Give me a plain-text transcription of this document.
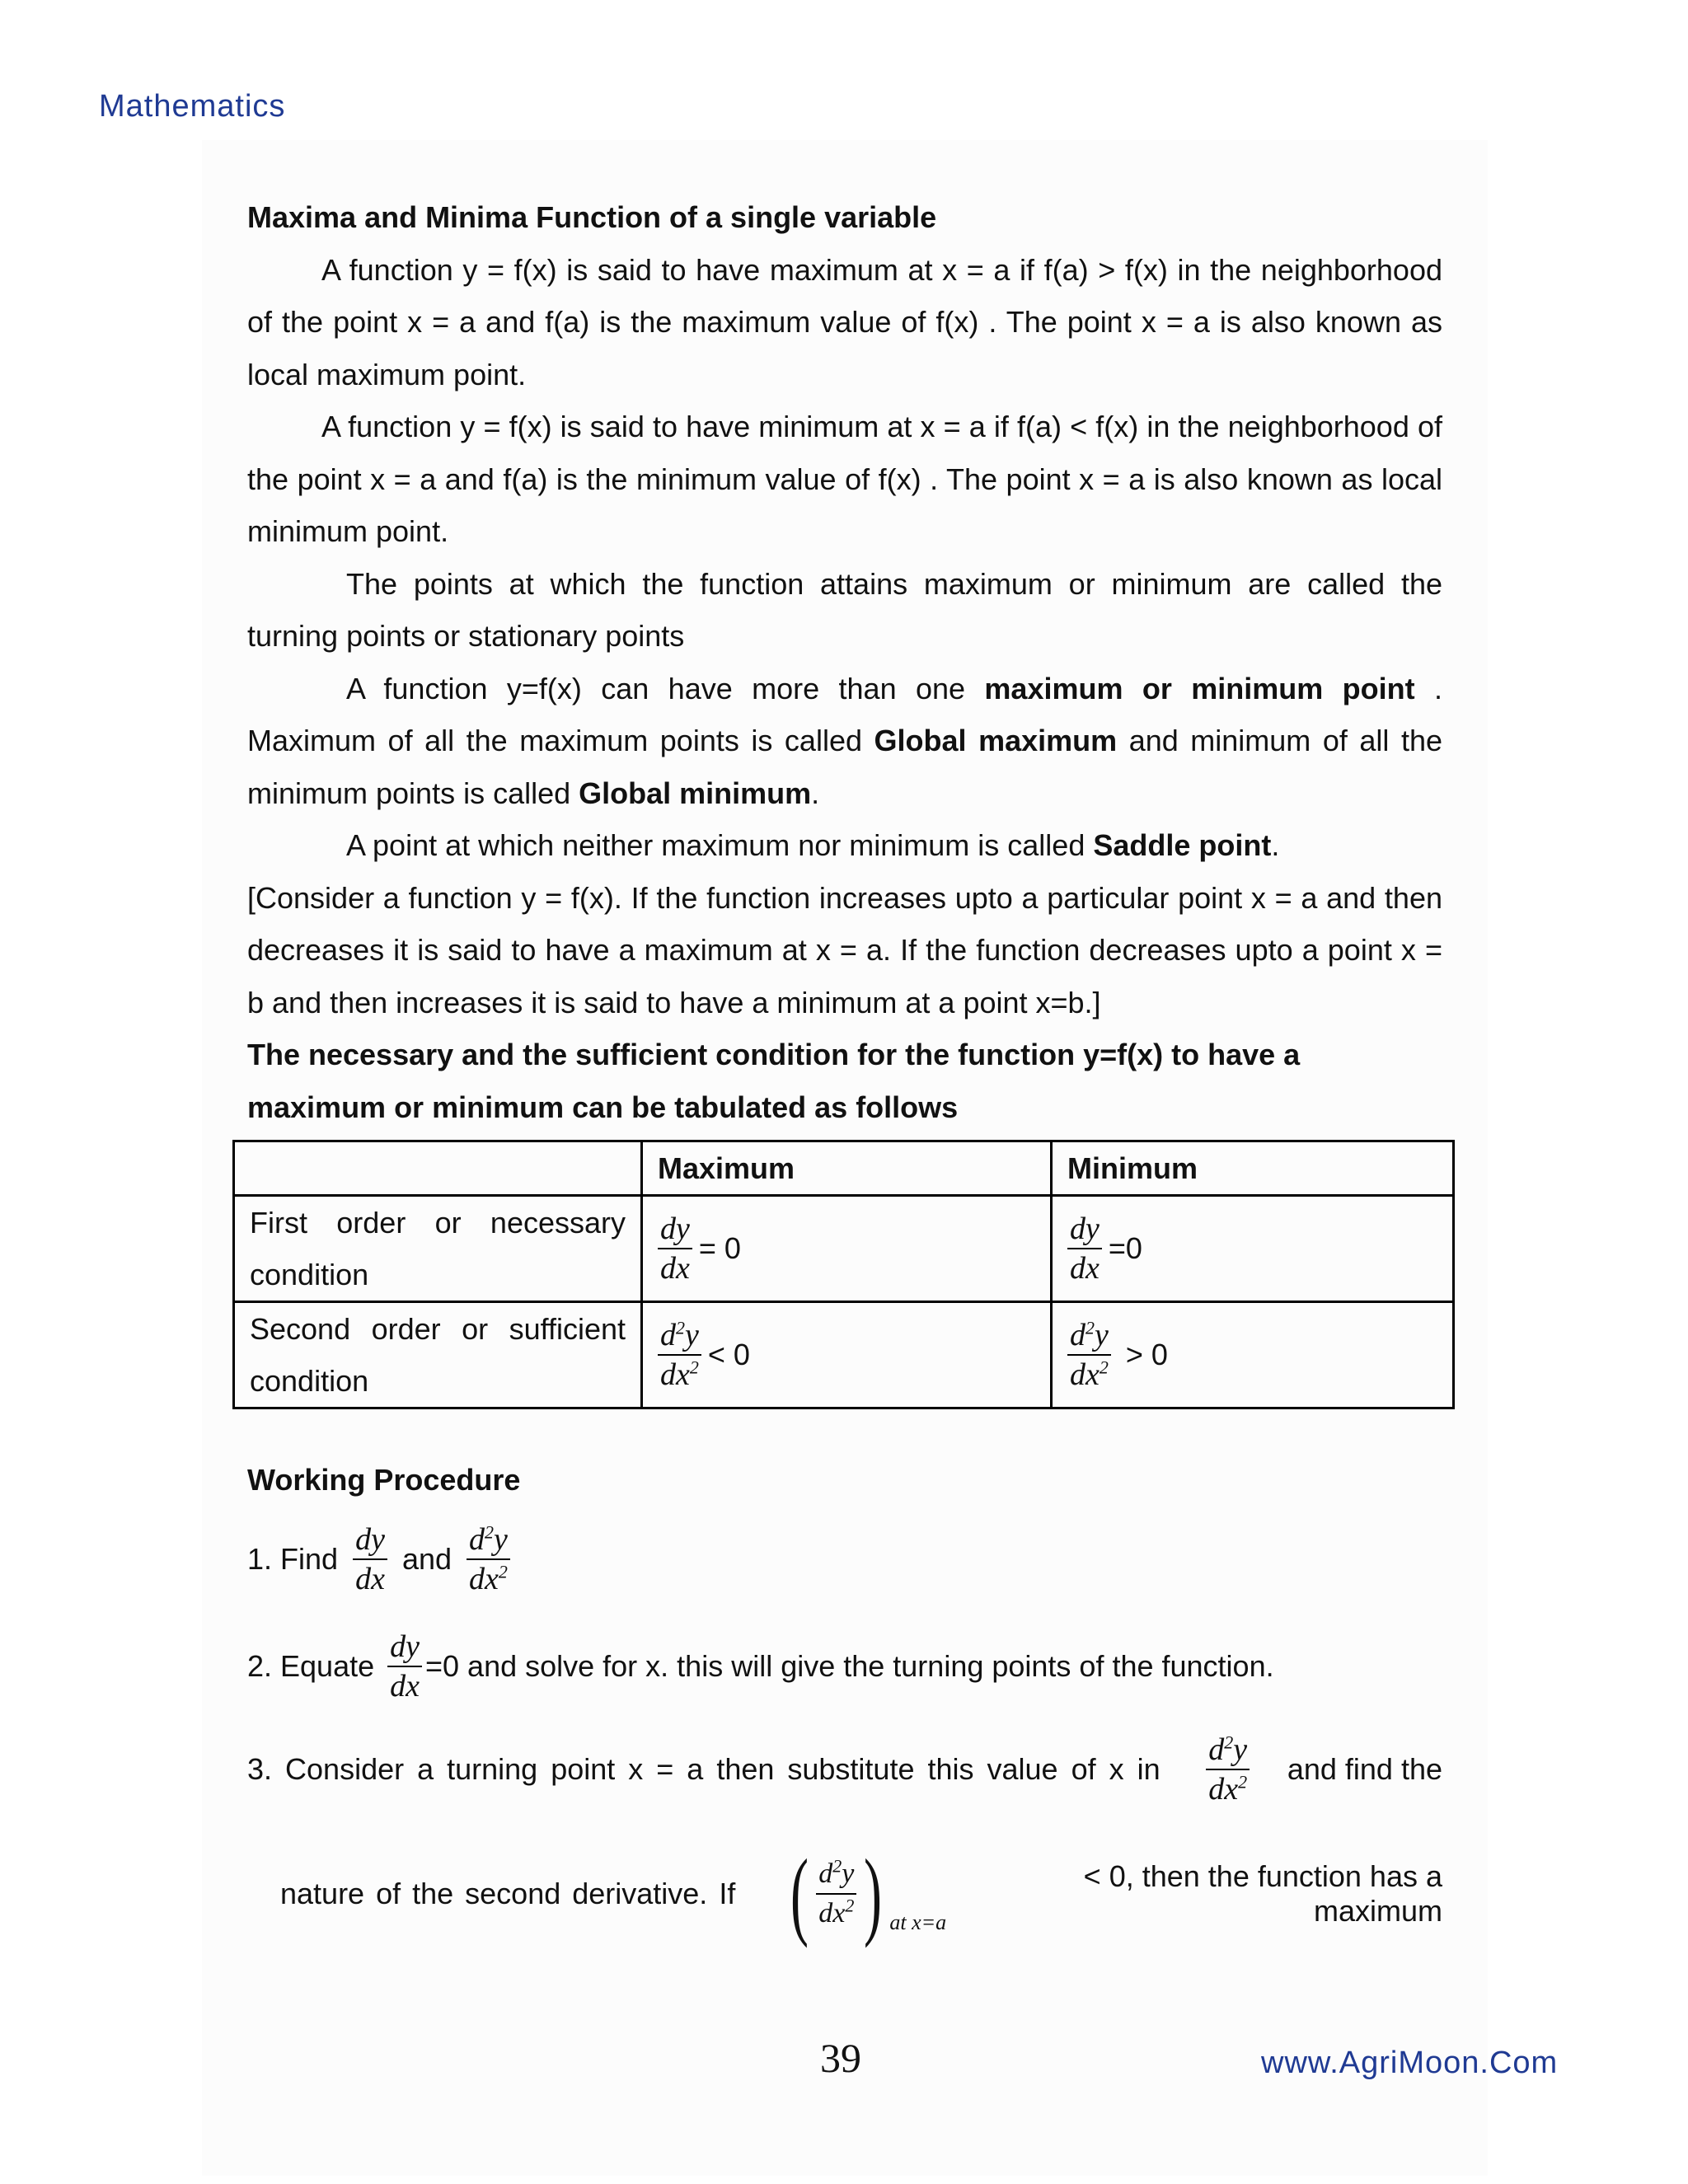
Mathematics

Maxima and Minima Function of a single variable

A function y = f(x) is said to have maximum at x = a if f(a) > f(x) in the neighborhood of the point x = a and f(a) is the maximum value of f(x) . The point x = a is also known as local maximum point.

A function y = f(x) is said to have minimum at x = a if f(a) < f(x) in the neighborhood of the point x = a and f(a) is the minimum value of f(x) . The point x = a is also known as local minimum point.

The points at which the function attains maximum or minimum are called the turning points or stationary points

A function y=f(x) can have more than one maximum or minimum point . Maximum of all the maximum points is called Global maximum and minimum of all the minimum points is called Global minimum.

A point at which neither maximum nor minimum is called Saddle point.

[Consider a function y = f(x). If the function increases upto a particular point x = a and then decreases it is said to have a maximum at x = a. If the function decreases upto a point x = b and then increases it is said to have a minimum at a point x=b.]

The necessary and the sufficient condition for the function y=f(x) to have a maximum or minimum can be tabulated as follows

	Maximum	Minimum
First order or necessary condition	$\frac{dy}{dx} = 0$	$\frac{dy}{dx} =0$

Second order or sufficient condition	$\frac{d^2y}{dx^2} < 0$	$\frac{d^2y}{dx^2} > 0$
Working Procedure
1. Find $\frac{dy}{dx}$ and $\frac{d^2y}{dx^2}$
2. Equate $\frac{dy}{dx} =0$ and solve for x. this will give the turning points of the function.
3. Consider a turning point x = a then substitute this value of x in $\frac{d^2y}{dx^2}$ and find the
nature of the second derivative. If ( $\frac{d^2y}{dx^2}$ ) at x=a
< 0, then the function has a maximum
39	www.AgriMoon.Com
